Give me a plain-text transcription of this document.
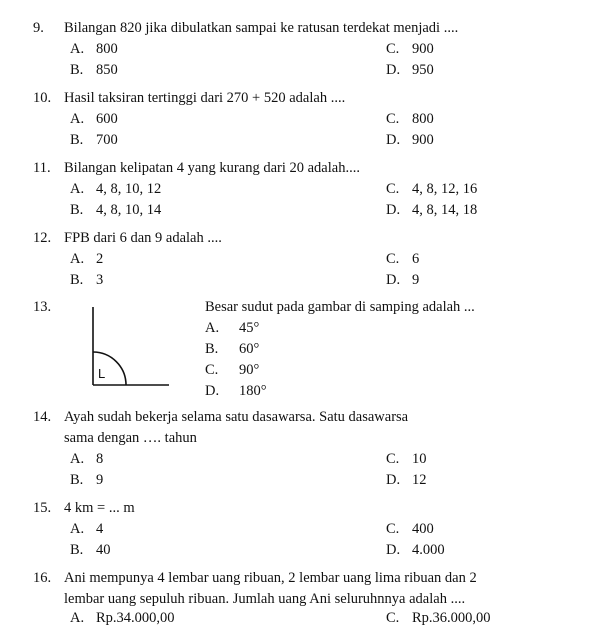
9. Bilangan 820 jika dibulatkan sampai ke ratusan terdekat menjadi ....
A. 800	C. 900
B. 850	D. 950
10. Hasil taksiran tertinggi dari 270 + 520 adalah ....
A. 600	C. 800
B. 700	D. 900
11. Bilangan kelipatan 4 yang kurang dari 20 adalah....
A. 4, 8, 10, 12	C. 4, 8, 12, 16
B. 4, 8, 10, 14	D. 4, 8, 14, 18
12. FPB dari 6 dan 9 adalah ....
A. 2	C. 6
B. 3	D. 9
13.	Besar sudut pada gambar di samping adalah ...
L
A. 45°
B. 60°
C. 90°
D. 180°
14. Ayah sudah bekerja selama satu dasawarsa. Satu dasawarsa
sama dengan …. tahun
A. 8	C. 10
B. 9	D. 12
15. 4 km = ... m
A. 4	C. 400
B. 40	D. 4.000
16. Ani mempunya 4 lembar uang ribuan, 2 lembar uang lima ribuan dan 2
lembar uang sepuluh ribuan. Jumlah uang Ani seluruhnnya adalah ....
A. Rp.34.000,00	C. Rp.36.000,00
